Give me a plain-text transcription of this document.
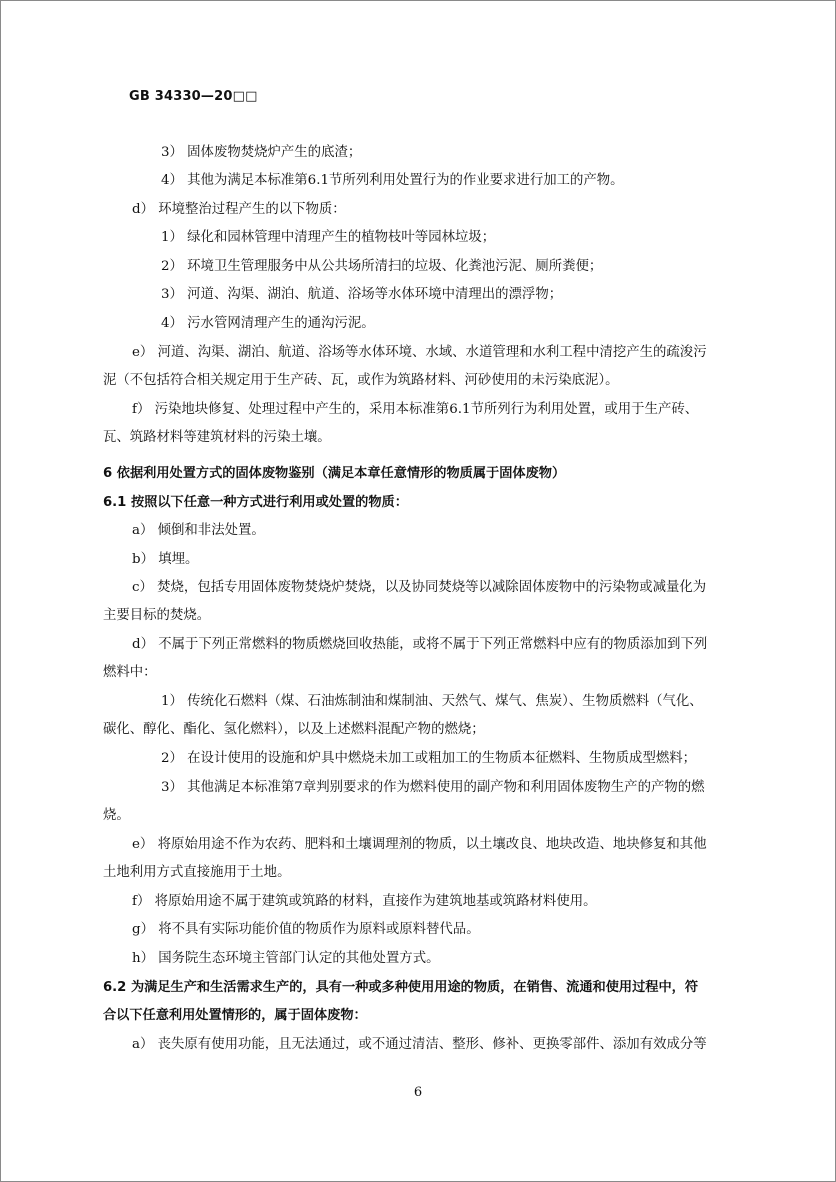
GB 34330—20□□
3） 固体废物焚烧炉产生的底渣；
4） 其他为满足本标准第6.1节所列利用处置行为的作业要求进行加工的产物。
d） 环境整治过程产生的以下物质：
1） 绿化和园林管理中清理产生的植物枝叶等园林垃圾；
2） 环境卫生管理服务中从公共场所清扫的垃圾、化粪池污泥、厕所粪便；
3） 河道、沟渠、湖泊、航道、浴场等水体环境中清理出的漂浮物；
4） 污水管网清理产生的通沟污泥。
e） 河道、沟渠、湖泊、航道、浴场等水体环境、水域、水道管理和水利工程中清挖产生的疏浚污
泥（不包括符合相关规定用于生产砖、瓦，或作为筑路材料、河砂使用的未污染底泥）。
f） 污染地块修复、处理过程中产生的，采用本标准第6.1节所列行为利用处置，或用于生产砖、
瓦、筑路材料等建筑材料的污染土壤。
6 依据利用处置方式的固体废物鉴别（满足本章任意情形的物质属于固体废物）
6.1 按照以下任意一种方式进行利用或处置的物质：
a） 倾倒和非法处置。
b） 填埋。
c） 焚烧，包括专用固体废物焚烧炉焚烧，以及协同焚烧等以减除固体废物中的污染物或减量化为
主要目标的焚烧。
d） 不属于下列正常燃料的物质燃烧回收热能，或将不属于下列正常燃料中应有的物质添加到下列
燃料中：
1） 传统化石燃料（煤、石油炼制油和煤制油、天然气、煤气、焦炭）、生物质燃料（气化、
碳化、醇化、酯化、氢化燃料），以及上述燃料混配产物的燃烧；
2） 在设计使用的设施和炉具中燃烧未加工或粗加工的生物质本征燃料、生物质成型燃料；
3） 其他满足本标准第7章判别要求的作为燃料使用的副产物和利用固体废物生产的产物的燃
烧。
e） 将原始用途不作为农药、肥料和土壤调理剂的物质，以土壤改良、地块改造、地块修复和其他
土地利用方式直接施用于土地。
f） 将原始用途不属于建筑或筑路的材料，直接作为建筑地基或筑路材料使用。
g） 将不具有实际功能价值的物质作为原料或原料替代品。
h） 国务院生态环境主管部门认定的其他处置方式。
6.2 为满足生产和生活需求生产的，具有一种或多种使用用途的物质，在销售、流通和使用过程中，符
合以下任意利用处置情形的，属于固体废物：
a） 丧失原有使用功能，且无法通过，或不通过清洁、整形、修补、更换零部件、添加有效成分等
6
